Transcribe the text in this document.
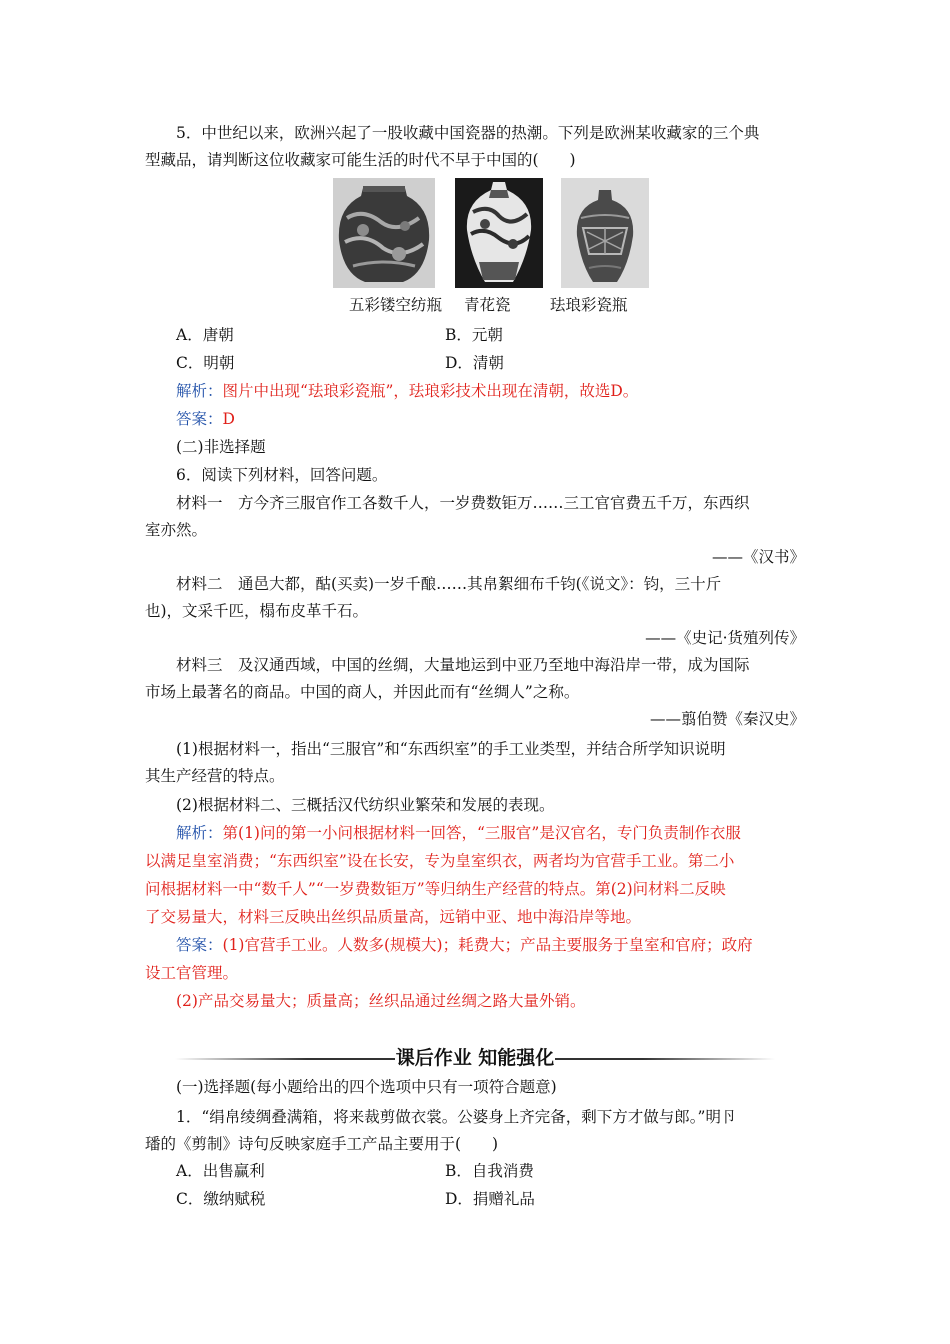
5．中世纪以来，欧洲兴起了一股收藏中国瓷器的热潮。下列是欧洲某收藏家的三个典
型藏品，请判断这位收藏家可能生活的时代不早于中国的(　　)
五彩镂空纺瓶 青花瓷	珐琅彩瓷瓶
A．唐朝	B．元朝
C．明朝	D．清朝
解析：图片中出现“珐琅彩瓷瓶”，珐琅彩技术出现在清朝，故选D。
答案：D
(二)非选择题
6．阅读下列材料，回答问题。
材料一　方今齐三服官作工各数千人，一岁费数钜万……三工官官费五千万，东西织
室亦然。
——《汉书》
材料二　通邑大都，酤(买卖)一岁千酿……其帛絮细布千钧(《说文》：钧，三十斤
也)，文采千匹，榻布皮革千石。
——《史记·货殖列传》
材料三　及汉通西域，中国的丝绸，大量地运到中亚乃至地中海沿岸一带，成为国际
市场上最著名的商品。中国的商人，并因此而有“丝绸人”之称。
——翦伯赞《秦汉史》
(1)根据材料一，指出“三服官”和“东西织室”的手工业类型，并结合所学知识说明
其生产经营的特点。
(2)根据材料二、三概括汉代纺织业繁荣和发展的表现。
解析：第(1)问的第一小问根据材料一回答，“三服官”是汉官名，专门负责制作衣服
以满足皇室消费；“东西织室”设在长安，专为皇室织衣，两者均为官营手工业。第二小
问根据材料一中“数千人”“一岁费数钜万”等归纳生产经营的特点。第(2)问材料二反映
了交易量大，材料三反映出丝织品质量高，远销中亚、地中海沿岸等地。
答案：(1)官营手工业。人数多(规模大)；耗费大；产品主要服务于皇室和官府；政府
设工官管理。
(2)产品交易量大；质量高；丝织品通过丝绸之路大量外销。
课后作业 知能强化
(一)选择题(每小题给出的四个选项中只有一项符合题意)
1．“绢帛绫绸叠满箱，将来裁剪做衣裳。公婆身上齐完备，剩下方才做与郎。”明卪
璠的《剪制》诗句反映家庭手工产品主要用于(　　)
A．出售赢利	B．自我消费
C．缴纳赋税	D．捐赠礼品
